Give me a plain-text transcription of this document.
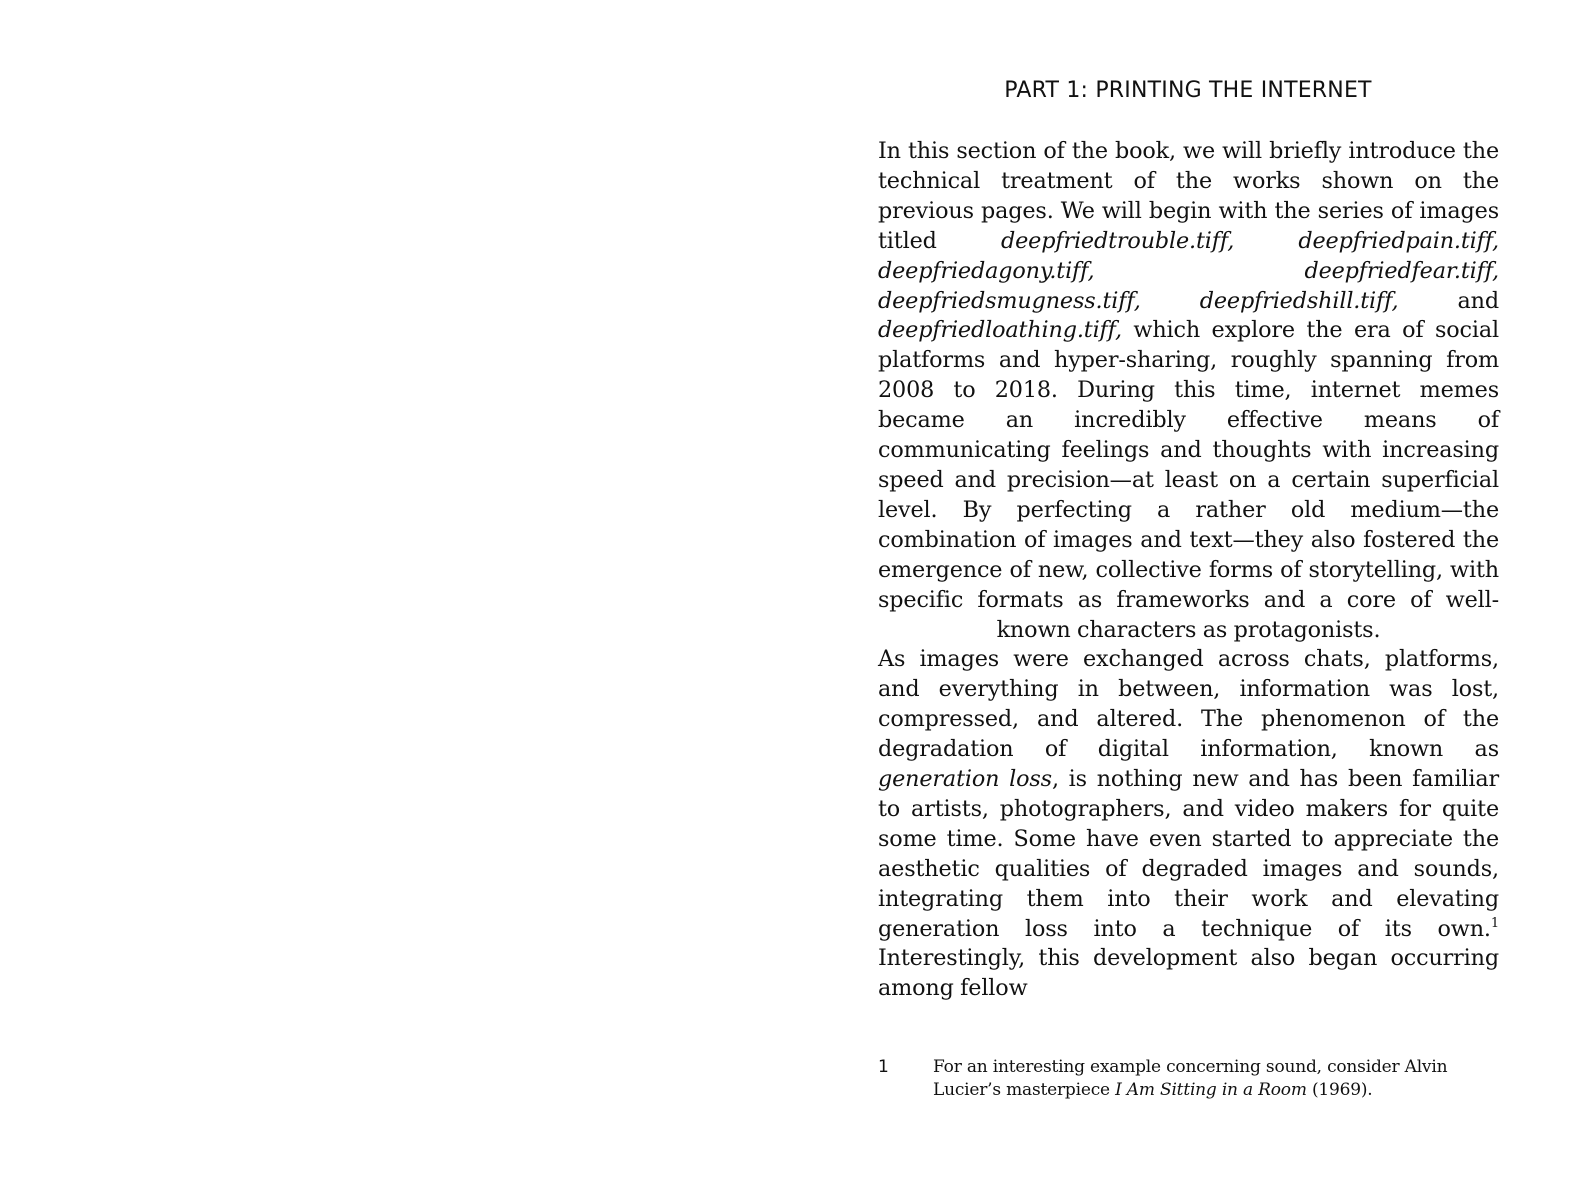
PART 1: PRINTING THE INTERNET

In this section of the book, we will briefly introduce the technical treatment of the works shown on the previous pages. We will begin with the series of images titled deepfriedtrouble.tiff, deepfriedpain.tiff, deepfriedagony.tiff, deepfriedfear.tiff, deepfriedsmugness.tiff, deepfriedshill.tiff, and deepfriedloathing.tiff, which explore the era of social platforms and hyper-sharing, roughly spanning from 2008 to 2018. During this time, internet memes became an incredibly effective means of communicating feelings and thoughts with increasing speed and precision—at least on a certain superficial level. By perfecting a rather old medium—the combination of images and text—they also fostered the emergence of new, collective forms of storytelling, with specific formats as frameworks and a core of well-known characters as protagonists.

As images were exchanged across chats, platforms, and everything in between, information was lost, compressed, and altered. The phenomenon of the degradation of digital information, known as generation loss, is nothing new and has been familiar to artists, photographers, and video makers for quite some time. Some have even started to appreciate the aesthetic qualities of degraded images and sounds, integrating them into their work and elevating generation loss into a technique of its own.$^1$ Interestingly, this development also began occurring among fellow

1	For an interesting example concerning sound, consider Alvin Lucier’s masterpiece I Am Sitting in a Room (1969).
